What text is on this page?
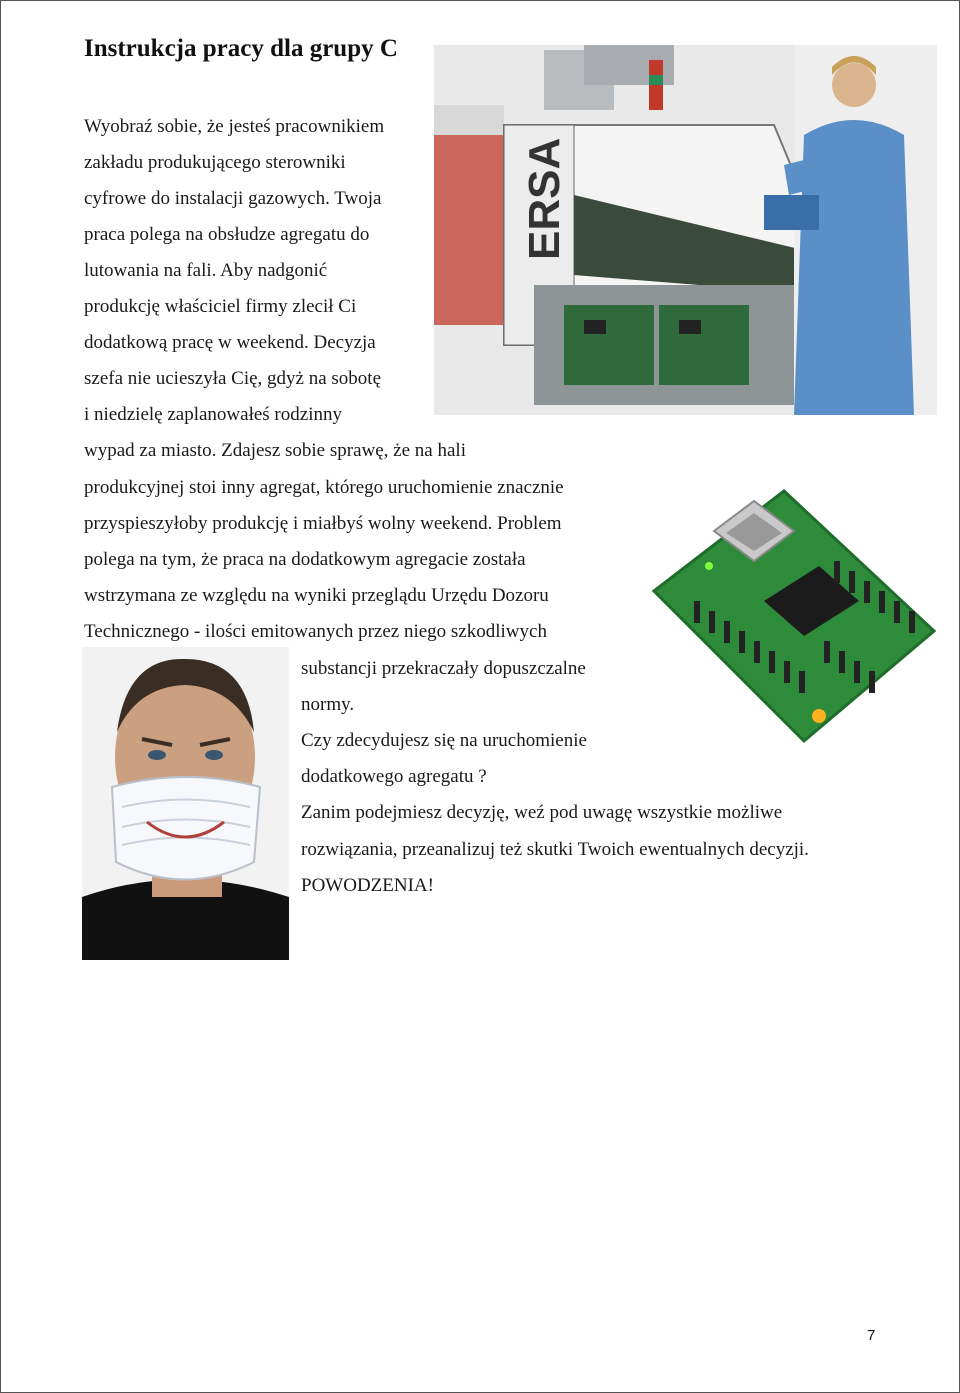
Instrukcja pracy dla grupy C
ERSA
Wyobraź sobie, że jesteś pracownikiem
zakładu produkującego sterowniki
cyfrowe do instalacji gazowych. Twoja
praca polega na obsłudze agregatu do
lutowania na fali. Aby nadgonić
produkcję właściciel firmy zlecił Ci
dodatkową pracę w weekend. Decyzja
szefa nie ucieszyła Cię, gdyż na sobotę
i niedzielę zaplanowałeś rodzinny
wypad za miasto. Zdajesz sobie sprawę, że na hali
produkcyjnej stoi inny agregat, którego uruchomienie znacznie
przyspieszyłoby produkcję i miałbyś wolny weekend. Problem
polega na tym, że praca na dodatkowym agregacie została
wstrzymana ze względu na wyniki przeglądu Urzędu Dozoru
Technicznego - ilości emitowanych przez niego szkodliwych
substancji przekraczały dopuszczalne
normy.
Czy zdecydujesz się na uruchomienie
dodatkowego agregatu ?
Zanim podejmiesz decyzję, weź pod uwagę wszystkie możliwe
rozwiązania, przeanalizuj też skutki Twoich ewentualnych decyzji.
POWODZENIA!
7
